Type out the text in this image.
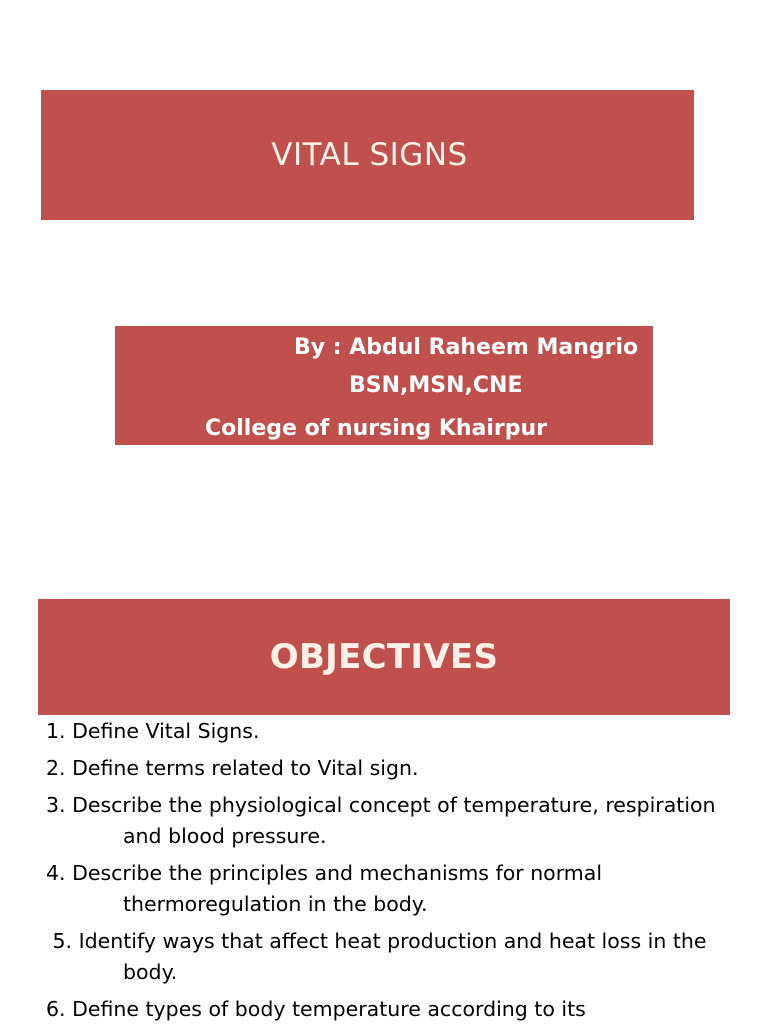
VITAL SIGNS
By : Abdul Raheem Mangrio
BSN,MSN,CNE
College of nursing Khairpur
OBJECTIVES
1. Define Vital Signs.
2. Define terms related to Vital sign.
3. Describe the physiological concept of temperature, respiration
and blood pressure.
4. Describe the principles and mechanisms for normal
thermoregulation in the body.
5. Identify ways that affect heat production and heat loss in the
body.
6. Define types of body temperature according to its
